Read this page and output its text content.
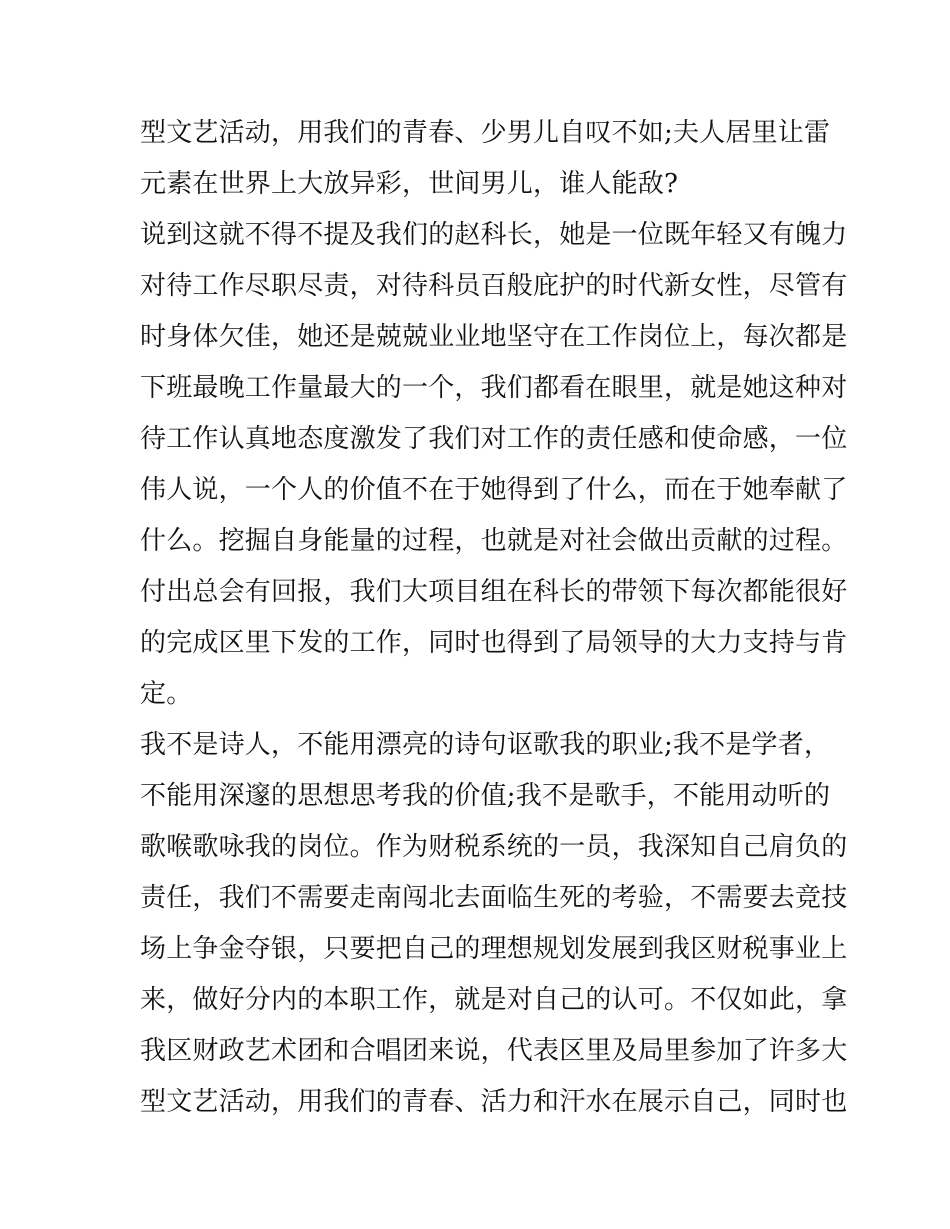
型文艺活动，用我们的青春、少男儿自叹不如;夫人居里让雷
元素在世界上大放异彩，世间男儿，谁人能敌?
说到这就不得不提及我们的赵科长，她是一位既年轻又有魄力
对待工作尽职尽责，对待科员百般庇护的时代新女性，尽管有
时身体欠佳，她还是兢兢业业地坚守在工作岗位上，每次都是
下班最晚工作量最大的一个，我们都看在眼里，就是她这种对
待工作认真地态度激发了我们对工作的责任感和使命感，一位
伟人说，一个人的价值不在于她得到了什么，而在于她奉献了
什么。挖掘自身能量的过程，也就是对社会做出贡献的过程。
付出总会有回报，我们大项目组在科长的带领下每次都能很好
的完成区里下发的工作，同时也得到了局领导的大力支持与肯
定。
我不是诗人，不能用漂亮的诗句讴歌我的职业;我不是学者，
不能用深邃的思想思考我的价值;我不是歌手，不能用动听的
歌喉歌咏我的岗位。作为财税系统的一员，我深知自己肩负的
责任，我们不需要走南闯北去面临生死的考验，不需要去竞技
场上争金夺银，只要把自己的理想规划发展到我区财税事业上
来，做好分内的本职工作，就是对自己的认可。不仅如此，拿
我区财政艺术团和合唱团来说，代表区里及局里参加了许多大
型文艺活动，用我们的青春、活力和汗水在展示自己，同时也
